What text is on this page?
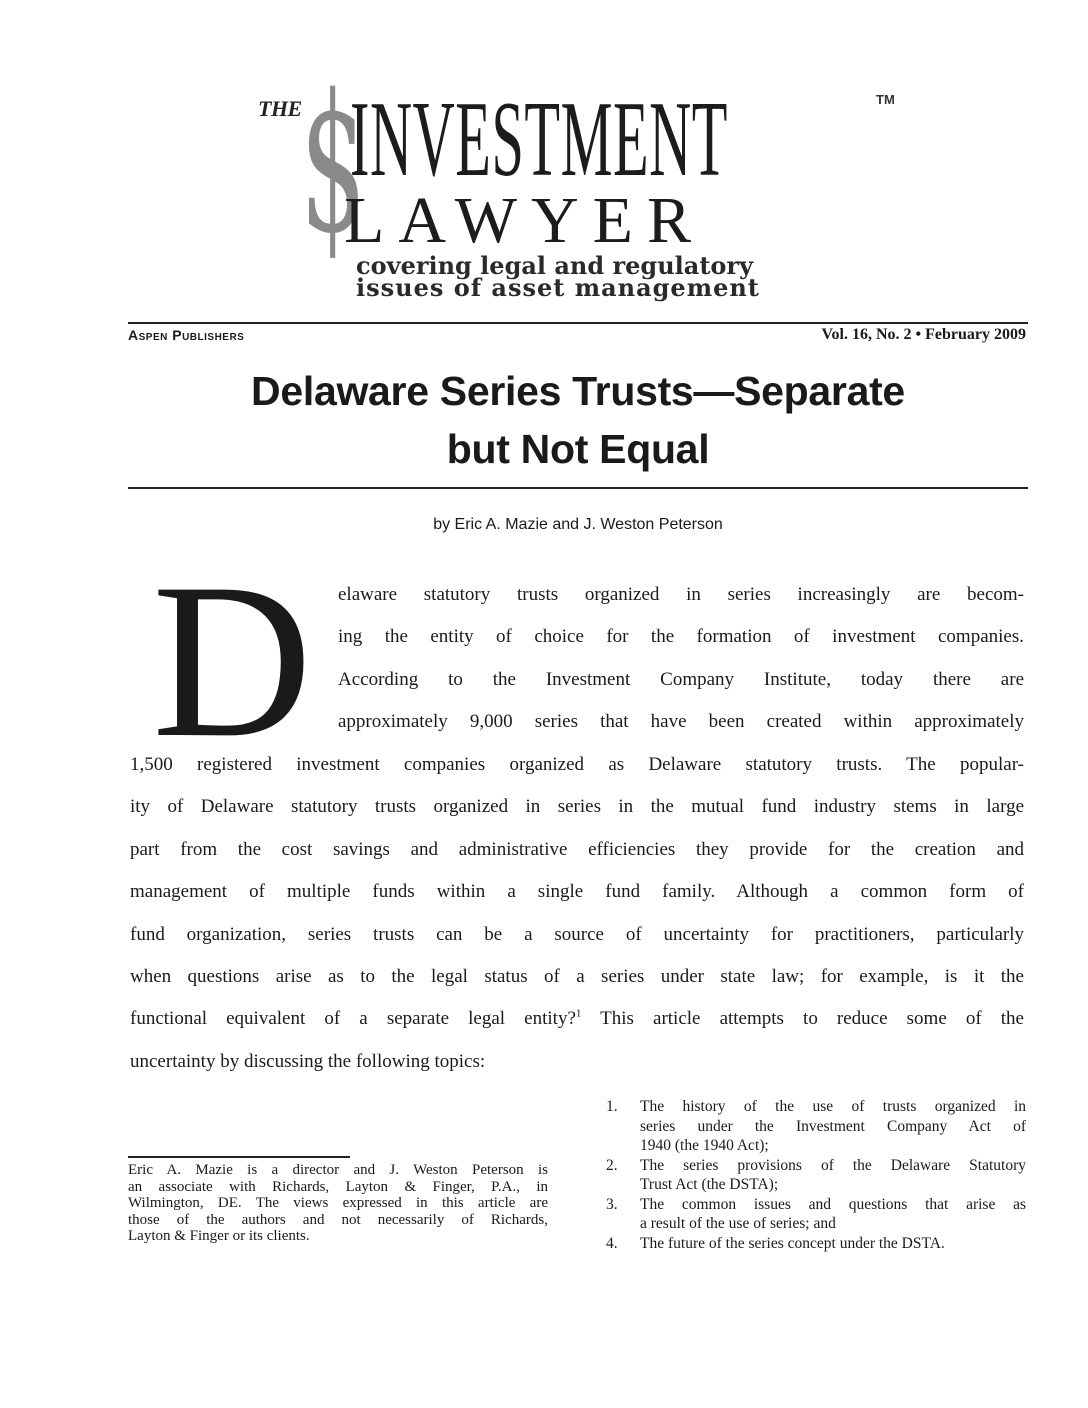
THE
$
INVESTMENT	TM
LAWYER
covering legal and regulatory
issues of asset management
Aspen Publishers	Vol. 16, No. 2 • February 2009
Delaware Series Trusts—Separate
but Not Equal
by Eric A. Mazie and J. Weston Peterson
D elaware statutory trusts organized in series increasingly are becom-
ing the entity of choice for the formation of investment companies.
According to the Investment Company Institute, today there are
approximately 9,000 series that have been created within approximately
1,500 registered investment companies organized as Delaware statutory trusts. The popular-
ity of Delaware statutory trusts organized in series in the mutual fund industry stems in large
part from the cost savings and administrative efficiencies they provide for the creation and
management of multiple funds within a single fund family. Although a common form of
fund organization, series trusts can be a source of uncertainty for practitioners, particularly
when questions arise as to the legal status of a series under state law; for example, is it the
functional equivalent of a separate legal entity?$^1$ This article attempts to reduce some of the
uncertainty by discussing the following topics:
Eric A. Mazie is a director and J. Weston Peterson is
an associate with Richards, Layton & Finger, P.A., in
Wilmington, DE. The views expressed in this article are
those of the authors and not necessarily of Richards,
Layton & Finger or its clients.
1. The history of the use of trusts organized in
series under the Investment Company Act of
1940 (the 1940 Act);
2. The series provisions of the Delaware Statutory
Trust Act (the DSTA);
3. The common issues and questions that arise as
a result of the use of series; and
4. The future of the series concept under the DSTA.
